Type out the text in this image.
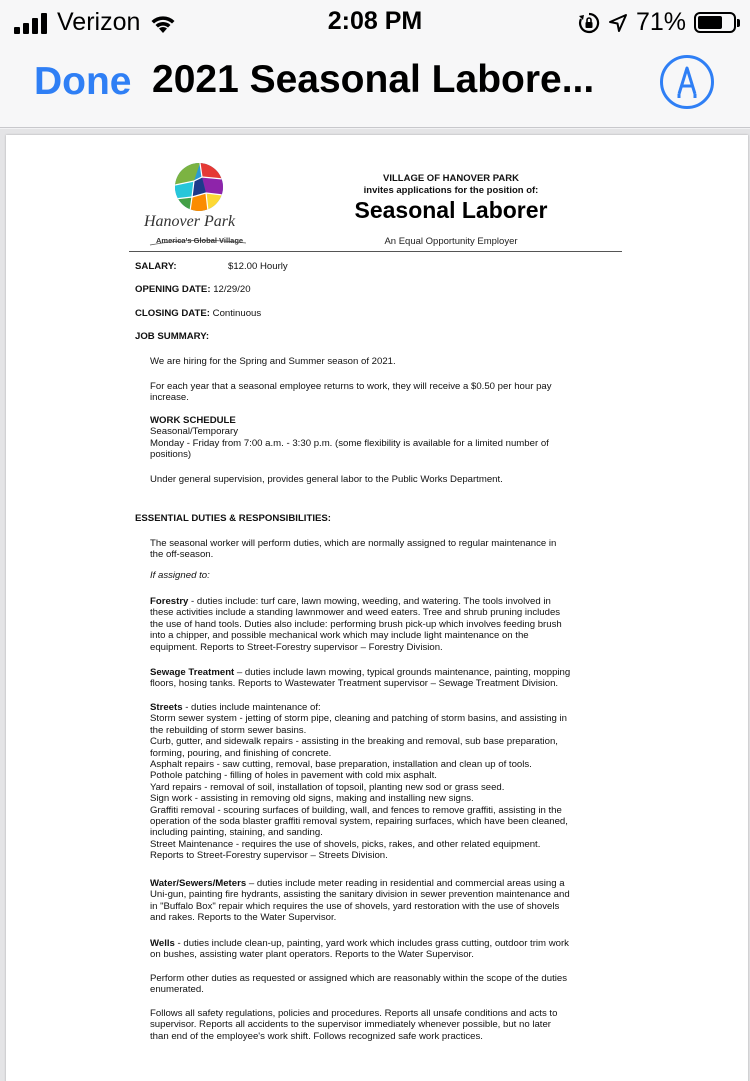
Verizon	2:08 PM	71%
Done 2021 Seasonal Labore...
Hanover Park
America's Global Village
VILLAGE OF HANOVER PARK
invites applications for the position of:
Seasonal Laborer
An Equal Opportunity Employer
SALARY:	$12.00 Hourly
OPENING DATE: 12/29/20
CLOSING DATE: Continuous
JOB SUMMARY:
We are hiring for the Spring and Summer season of 2021.
For each year that a seasonal employee returns to work, they will receive a $0.50 per hour pay
increase.
WORK SCHEDULE
Seasonal/Temporary
Monday - Friday from 7:00 a.m. - 3:30 p.m. (some flexibility is available for a limited number of
positions)
Under general supervision, provides general labor to the Public Works Department.
ESSENTIAL DUTIES & RESPONSIBILITIES:
The seasonal worker will perform duties, which are normally assigned to regular maintenance in
the off-season.
If assigned to:
Forestry - duties include: turf care, lawn mowing, weeding, and watering. The tools involved in
these activities include a standing lawnmower and weed eaters. Tree and shrub pruning includes
the use of hand tools. Duties also include: performing brush pick-up which involves feeding brush
into a chipper, and possible mechanical work which may include light maintenance on the
equipment. Reports to Street-Forestry supervisor – Forestry Division.
Sewage Treatment – duties include lawn mowing, typical grounds maintenance, painting, mopping
floors, hosing tanks. Reports to Wastewater Treatment supervisor – Sewage Treatment Division.
Streets - duties include maintenance of:
Storm sewer system - jetting of storm pipe, cleaning and patching of storm basins, and assisting in
the rebuilding of storm sewer basins.
Curb, gutter, and sidewalk repairs - assisting in the breaking and removal, sub base preparation,
forming, pouring, and finishing of concrete.
Asphalt repairs - saw cutting, removal, base preparation, installation and clean up of tools.
Pothole patching - filling of holes in pavement with cold mix asphalt.
Yard repairs - removal of soil, installation of topsoil, planting new sod or grass seed.
Sign work - assisting in removing old signs, making and installing new signs.
Graffiti removal - scouring surfaces of building, wall, and fences to remove graffiti, assisting in the
operation of the soda blaster graffiti removal system, repairing surfaces, which have been cleaned,
including painting, staining, and sanding.
Street Maintenance - requires the use of shovels, picks, rakes, and other related equipment.
Reports to Street-Forestry supervisor – Streets Division.
Water/Sewers/Meters – duties include meter reading in residential and commercial areas using a
Uni-gun, painting fire hydrants, assisting the sanitary division in sewer prevention maintenance and
in "Buffalo Box" repair which requires the use of shovels, yard restoration with the use of shovels
and rakes. Reports to the Water Supervisor.
Wells - duties include clean-up, painting, yard work which includes grass cutting, outdoor trim work
on bushes, assisting water plant operators. Reports to the Water Supervisor.
Perform other duties as requested or assigned which are reasonably within the scope of the duties
enumerated.
Follows all safety regulations, policies and procedures. Reports all unsafe conditions and acts to
supervisor. Reports all accidents to the supervisor immediately whenever possible, but no later
than end of the employee's work shift. Follows recognized safe work practices.
